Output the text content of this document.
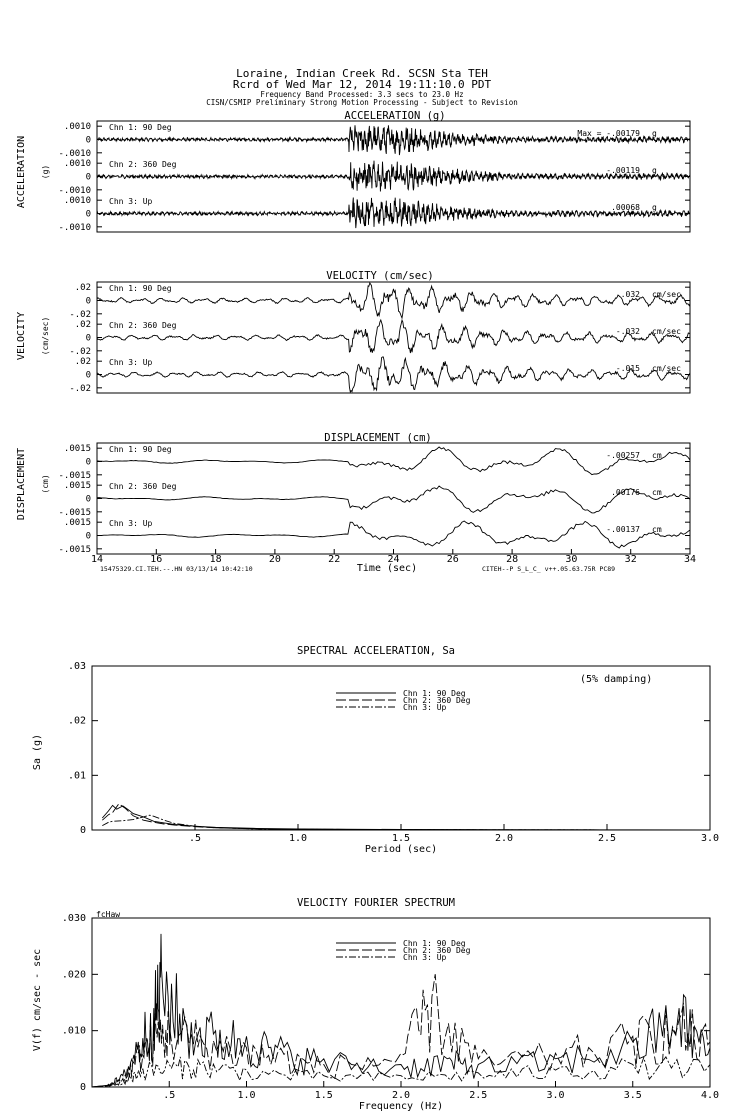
Loraine, Indian Creek Rd. SCSN Sta TEH
Rcrd of Wed Mar 12, 2014 19:11:10.0 PDT
Frequency Band Processed: 3.3 secs to 23.0 Hz
CISN/CSMIP Preliminary Strong Motion Processing - Subject to Revision
ACCELERATION (g)
VELOCITY (cm/sec)
DISPLACEMENT (cm)
ACCELERATION (g)
VELOCITY (cm/sec)
DISPLACEMENT (cm)
Time (sec)
15475329.CI.TEH.--.HN 03/13/14 10:42:10	CITEH--P S_L_C_ v++.05.63.75R PC89
SPECTRAL ACCELERATION, Sa
(5% damping)
Sa (g)
Period (sec)
VELOCITY FOURIER SPECTRUM
fcHaw
V(f) cm/sec - sec
Frequency (Hz)
.0010
0
-.0010
Chn 1: 90 Deg
Max = -.00179 g
.0010
0
-.0010
Chn 2: 360 Deg
-.00119 g
.0010
0
-.0010
Chn 3: Up
.00068 g
.02
0
-.02
Chn 1: 90 Deg
.032 cm/sec
.02
0
-.02
Chn 2: 360 Deg
-.032 cm/sec
.02
0
-.02
Chn 3: Up
-.015 cm/sec
.0015
0
-.0015
Chn 1: 90 Deg
-.00257 cm
.0015
0
-.0015
Chn 2: 360 Deg
.00176 cm
.0015
0
-.0015
Chn 3: Up
-.00137 cm
14	16	18	20	22	24	26	28	30	32	34
.5	1.0	1.5	2.0	2.5	3.0
.03
.02
.01
0
Chn 1: 90 Deg
Chn 2: 360 Deg
Chn 3: Up
.5	1.0	1.5	2.0	2.5	3.0	3.5	4.0
.030
.020
.010
0
Chn 1: 90 Deg
Chn 2: 360 Deg
Chn 3: Up
